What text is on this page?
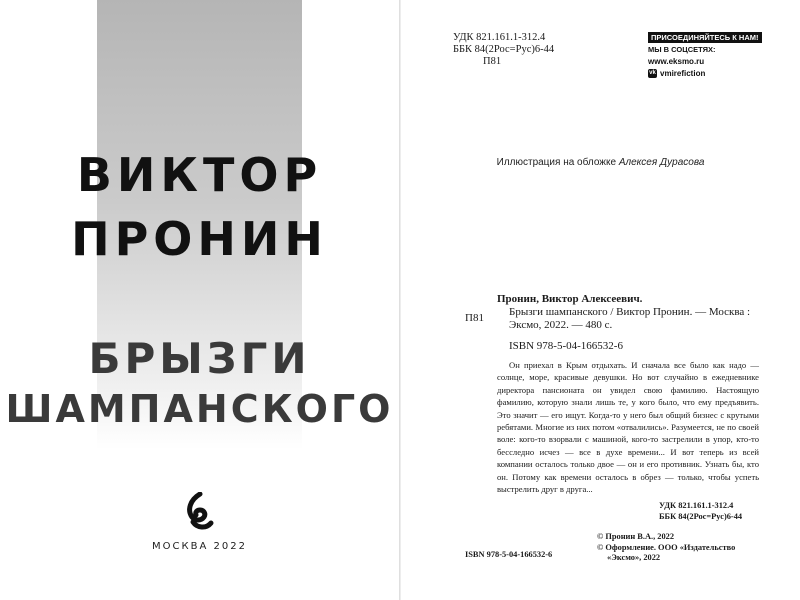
ВИКТОР
ПРОНИН
БРЫЗГИ
ШАМПАНСКОГО
МОСКВА 2022
УДК 821.161.1-312.4
ББК 84(2Рос=Рус)6-44
П81
ПРИСОЕДИНЯЙТЕСЬ К НАМ!
МЫ В СОЦСЕТЯХ:
www.eksmo.ru
vk vmirefiction
Иллюстрация на обложке Алексея Дурасова
П81
Пронин, Виктор Алексеевич.
Брызги шампанского / Виктор Пронин. — Москва : Эксмо, 2022. — 480 с.
ISBN 978-5-04-166532-6
Он приехал в Крым отдыхать. И сначала все было как надо — солнце, море, красивые девушки. Но вот случайно в ежедневнике директора пансионата он увидел свою фамилию. Настоящую фамилию, которую знали лишь те, у кого было, что ему предъявить. Это значит — его ищут. Когда-то у него был общий бизнес с крутыми ребятами. Многие из них потом «отвалились». Разумеется, не по своей воле: кого-то взорвали с машиной, кого-то застрелили в упор, кто-то бесследно исчез — все в духе времени... И вот теперь из всей компании осталось только двое — он и его противник. Узнать бы, кто он. Потому как времени осталось в обрез — только, чтобы успеть выстрелить друг в друга...
УДК 821.161.1-312.4
ББК 84(2Рос=Рус)6-44
© Пронин В.А., 2022
© Оформление. ООО «Издательство
«Эксмо», 2022
ISBN 978-5-04-166532-6
